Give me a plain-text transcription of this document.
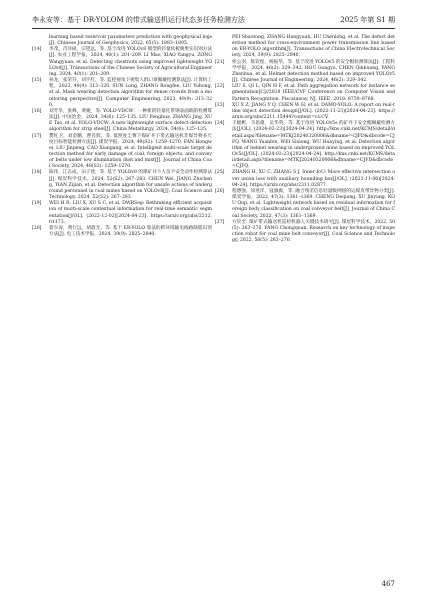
李永安等：基于 DR-YOLOM 的带式输送机运行状态多任务检测方法	2025 年第 S1 期
learning based reservoir parameters prediction with geophysical logs[J]. Chinese Journal of Geophysics, 2022, 65(5): 1883–1895.
[14] 李茂，肖洋硕，宗望远，等. 基于改进 YOLOv8 模型的轻量化板栗果实识别方法[J]. 农业工程学报，2024, 40(1): 201–209. LI Mao, XIAO Yangyu, ZONG Wangyuan, et al. Detecting chestnuts using improved lightweight YOLOv8[J]. Transactions of the Chinese Society of Agricultural Engineering, 2024, 40(1): 201–209.
[15] 孙龙，张荣芬，刘宇红，等. 监控视角下密集人群口罩佩戴检测算法[J]. 计算机工程，2023, 49(9): 313–320. SUN Long, ZHANG Rongfen, LIU Yuhong, et al. Mask wearing detection algorithm for dense crowds from a monitoring perspective[J]. Computer Engineering, 2023, 49(9): 313–320.
[16] 刘芳华，张峰，黄婕，等. YOLO-VDCW：一种新的轻量化带钢表面缺陷检测算法[J]. 中国冶金，2024, 34(6): 125–135. LIU Fenghua, ZHANG Jing, XUE Tao, et al. YOLO-VDCW: A new lightweight surface defect detection algorithm for strip steel[J]. China Metallurgy, 2024, 34(6): 125–135.
[17] 樊红卫，刘金鹏，曹肖辉，等. 低照度尘雾下煤矿井下带式输送机非煤异物多尺度目标智能检测方法[J]. 煤炭学报，2024, 49(S2): 1259–1270. FAN Hongwei, LIU Jinpeng, CAO Xiangang, et al. Intelligent multi-scale target detection method for early damage of coal, foreign objects, and conveyor belts under low illumination dust and mist[J]. Journal of China Coal Society, 2024, 49(S2): 1259–1270.
[18] 陈伟，江志成，田子建，等. 基于 YOLOv8 的煤矿井下人员不安全动作检测算法[J]. 煤炭科学技术，2024, 52(S2): 267–283. CHEN Wei, JIANG Zhicheng, TIAN Zijian, et al. Detection algorithm for unsafe actions of underground personnel in coal mines based on YOLOv8[J]. Coal Science and Technology, 2024, 52(S2): 267–283.
[19] WEI H R, LIU X, XU S C, et al. DWRSeg: Rethinking efficient acquisition of multi-scale contextual information for real-time semantic segmentation[J/OL]. (2022-12-02)[2024-04-23]. https://arxiv.org/abs/2212.01173.
[20] 裴少涛，黄行远，胡晨光，等. 基于 ER-YOLO 算法的跨环境输电线路缺陷识别方法[J]. 电工技术学报，2024, 39(9): 2825–2840.
PEI Shaotong, ZHANG Hangyuan, HU Chenlong, et al. The defect detection method for cross-environment power transmission line based on ER-YOLO algorithm[J]. Transactions of China Electrotechnical Society, 2024, 39(9): 2825–2840.
[21] 侯公羽，陈钦煌，杨振华，等. 基于改进 YOLOv5 的安全帽检测算法[J]. 工程科学学报，2024, 46(2): 329–342. HOU Gongyu, CHEN Qinhuang, YANG Zhenhua, et al. Helmet detection method based on improved YOLOv5[J]. Chinese Journal of Engineering, 2024, 46(2): 329–342.
[22] LIU S, QI L, QIN H F, et al. Path aggregation network for instance segmentation[C]//2018 IEEE/CVF Conference on Computer Vision and Pattern Recognition. Piscataway, NJ, IEEE, 2018: 8759–8768.
[23] XU X Z, JIANG Y Q, CHEN W H, et al. DAMO-YOLO: A report on real-time object detection design[J/OL]. (2022-11-23)[2024-04-23]. https://arxiv.org/abs/2211.15444?context=cs.CV.
[24] 王媛彬，韦思雄，吴华英，等. 基于改进 YOLOv5s 的矿井下安全帽佩戴检测方法[J/OL]. (2024-03-23)[2024-04-24]. http://kns.cnki.net/KCMS/detail/detail.aspx?filename=MTKJ20240320006&dbname=CJFD&dbcode=CJFQ. WANG Yuanbin, WEI Sixiong, WU Huaying, et al. Detection algorithm of helmet wearing in underground mine based on improved YOLOv5s[J/OL]. (2024-03-23)[2024-04-24]. http://kns.cnki.net/KCMS/detail/detail.aspx?filename=MTKJ20240320006&dbname=CJFD&dbcode=CJFQ.
[25] ZHANG H, XU C, ZHANG S J. Inner-IoU: More effective intersection over union loss with auxiliary bounding box[J/OL]. (2023-11-06)[2024-04-24]. https://arxiv.org/abs/2311.02877.
[26] 程德强，徐进洋，寇旗旗，等. 融合残差信息轻量级网络的运煤皮带异物分类[J]. 煤炭学报，2022, 47(3): 1361–1369. CHENG Deqiang, XU Jinyang, KOU Qiqi, et al. Lightweight network based on residual information for foreign body classification on coal conveyor belt[J]. Journal of China Coal Society, 2022, 47(3): 1361–1369.
[27] 方崇全. 煤矿带式输送机巡检机器人关键技术研究[J]. 煤炭科学技术，2022, 50(5): 263–270. FANG Chongquan. Research on key technology of inspection robot for coal mine belt conveyor[J]. Coal Science and Technology, 2022, 50(5): 263–270.
467
